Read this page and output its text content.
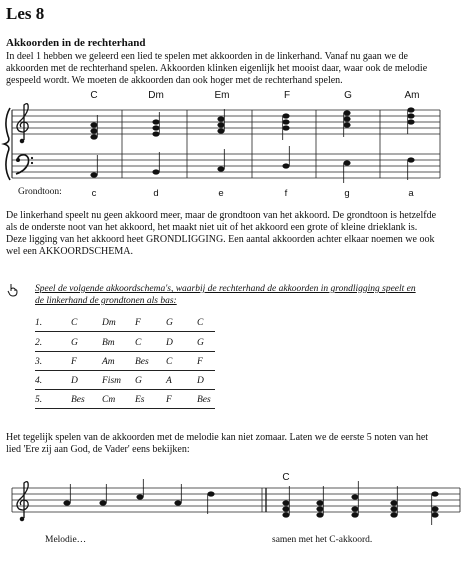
Les 8
Akkoorden in de rechterhand
In deel 1 hebben we geleerd een lied te spelen met akkoorden in de linkerhand. Vanaf nu gaan we de
akkoorden met de rechterhand spelen. Akkoorden klinken eigenlijk het mooist daar, waar ook de melodie
gespeeld wordt. We moeten de akkoorden dan ook hoger met de rechterhand spelen.
C	Dm	Em	F	G	Am
Grondtoon:	c	d	e	f	g	a
De linkerhand speelt nu geen akkoord meer, maar de grondtoon van het akkoord. De grondtoon is hetzelfde
als de onderste noot van het akkoord, het maakt niet uit of het akkoord een grote of kleine drieklank is.
Deze ligging van het akkoord heet GRONDLIGGING. Een aantal akkoorden achter elkaar noemen we ook
wel een AKKOORDSCHEMA.
Speel de volgende akkoordschema's, waarbij de rechterhand de akkoorden in grondligging speelt en
de linkerhand de grondtonen als bas:
1.	C	Dm F	G	C
2.	G	Bm C	D	G
3.	F	Am Bes C	F
4.	D	Fism G	A	D
5.	Bes Cm Es F	Bes
Het tegelijk spelen van de akkoorden met de melodie kan niet zomaar. Laten we de eerste 5 noten van het
lied 'Ere zij aan God, de Vader' eens bekijken:
C
Melodie…	samen met het C-akkoord.
